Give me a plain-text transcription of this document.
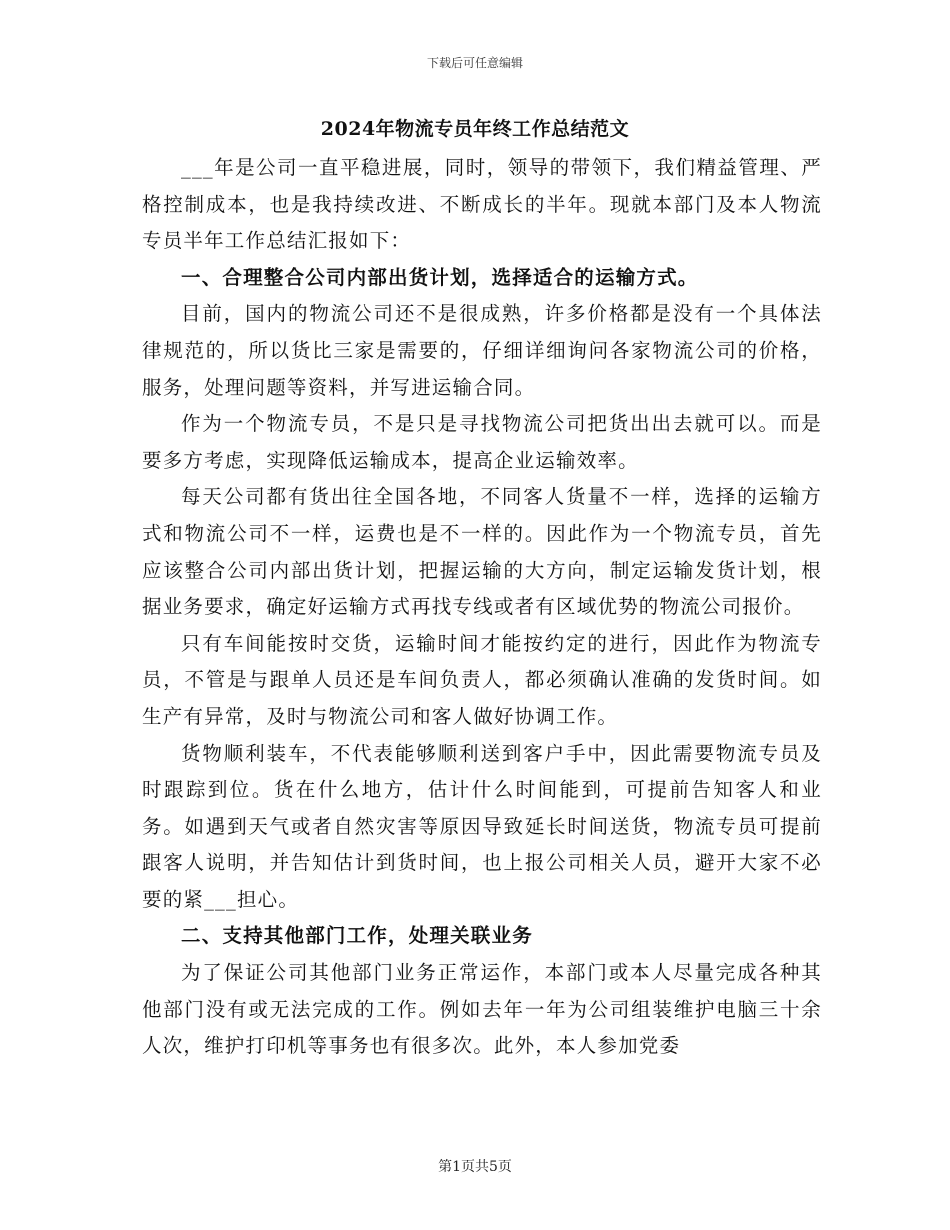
下载后可任意编辑
2024年物流专员年终工作总结范文

___年是公司一直平稳进展，同时，领导的带领下，我们精益管理、严格控制成本，也是我持续改进、不断成长的半年。现就本部门及本人物流专员半年工作总结汇报如下：

一、合理整合公司内部出货计划，选择适合的运输方式。

目前，国内的物流公司还不是很成熟，许多价格都是没有一个具体法律规范的，所以货比三家是需要的，仔细详细询问各家物流公司的价格，服务，处理问题等资料，并写进运输合同。

作为一个物流专员，不是只是寻找物流公司把货出出去就可以。而是要多方考虑，实现降低运输成本，提高企业运输效率。

每天公司都有货出往全国各地，不同客人货量不一样，选择的运输方式和物流公司不一样，运费也是不一样的。因此作为一个物流专员，首先应该整合公司内部出货计划，把握运输的大方向，制定运输发货计划，根据业务要求，确定好运输方式再找专线或者有区域优势的物流公司报价。

只有车间能按时交货，运输时间才能按约定的进行，因此作为物流专员，不管是与跟单人员还是车间负责人，都必须确认准确的发货时间。如生产有异常，及时与物流公司和客人做好协调工作。

货物顺利装车，不代表能够顺利送到客户手中，因此需要物流专员及时跟踪到位。货在什么地方，估计什么时间能到，可提前告知客人和业务。如遇到天气或者自然灾害等原因导致延长时间送货，物流专员可提前跟客人说明，并告知估计到货时间，也上报公司相关人员，避开大家不必要的紧___担心。

二、支持其他部门工作，处理关联业务

为了保证公司其他部门业务正常运作，本部门或本人尽量完成各种其他部门没有或无法完成的工作。例如去年一年为公司组装维护电脑三十余人次，维护打印机等事务也有很多次。此外，本人参加党委

第1页共5页
